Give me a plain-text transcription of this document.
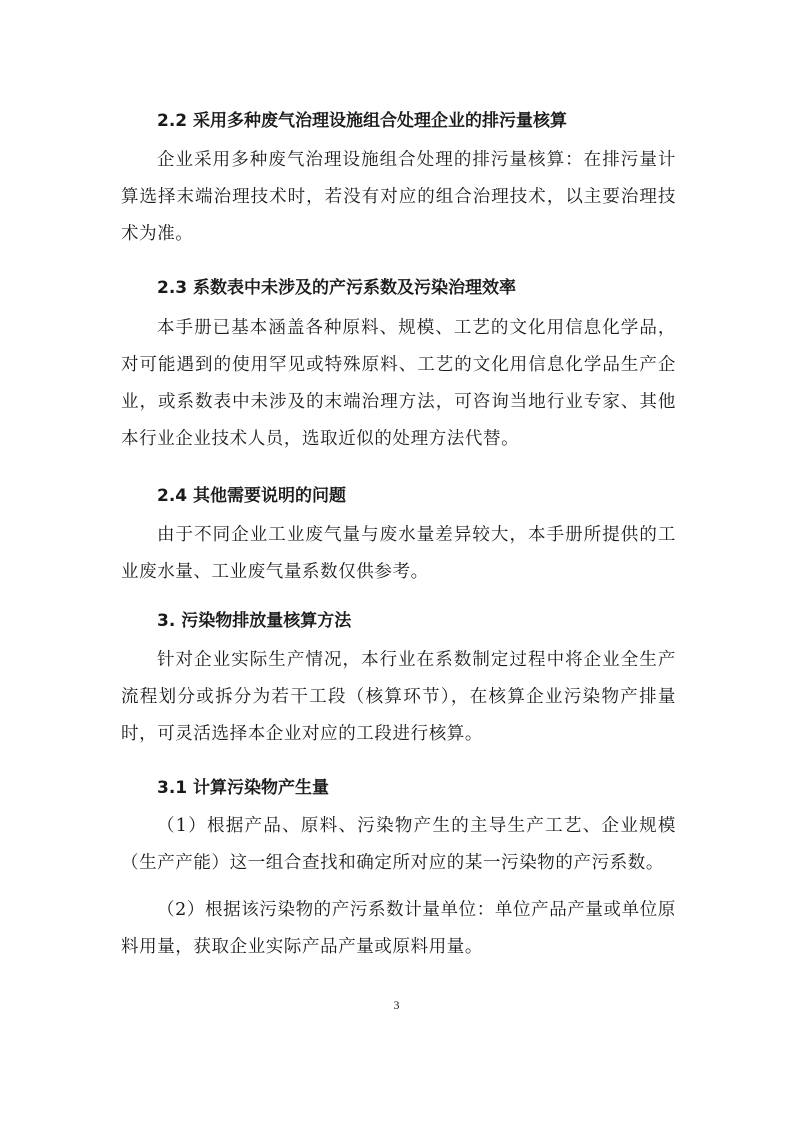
2.2 采用多种废气治理设施组合处理企业的排污量核算

企业采用多种废气治理设施组合处理的排污量核算：在排污量计算选择末端治理技术时，若没有对应的组合治理技术，以主要治理技术为准。

2.3 系数表中未涉及的产污系数及污染治理效率

本手册已基本涵盖各种原料、规模、工艺的文化用信息化学品，对可能遇到的使用罕见或特殊原料、工艺的文化用信息化学品生产企业，或系数表中未涉及的末端治理方法，可咨询当地行业专家、其他本行业企业技术人员，选取近似的处理方法代替。

2.4 其他需要说明的问题

由于不同企业工业废气量与废水量差异较大，本手册所提供的工业废水量、工业废气量系数仅供参考。

3. 污染物排放量核算方法

针对企业实际生产情况，本行业在系数制定过程中将企业全生产流程划分或拆分为若干工段（核算环节），在核算企业污染物产排量时，可灵活选择本企业对应的工段进行核算。

3.1 计算污染物产生量

（1）根据产品、原料、污染物产生的主导生产工艺、企业规模（生产产能）这一组合查找和确定所对应的某一污染物的产污系数。

（2）根据该污染物的产污系数计量单位：单位产品产量或单位原料用量，获取企业实际产品产量或原料用量。

3
